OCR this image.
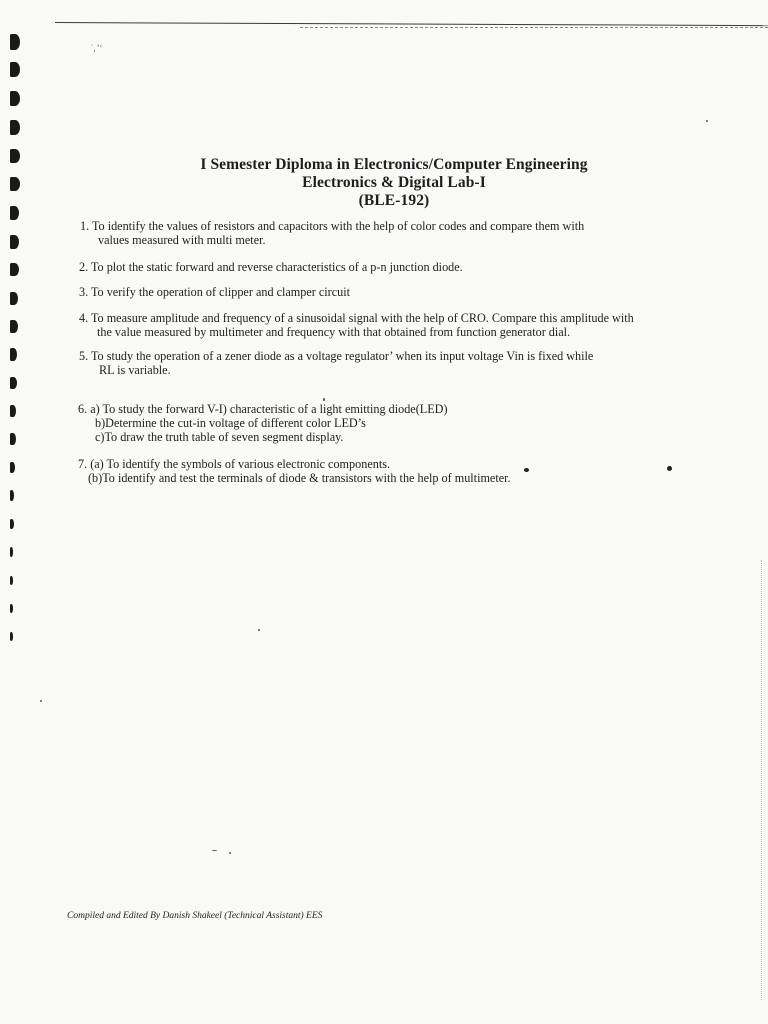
˙‚’‘
I Semester Diploma in Electronics/Computer Engineering
Electronics & Digital Lab-I
(BLE-192)
1. To identify the values of resistors and capacitors with the help of color codes and compare them with
values measured with multi meter.
2. To plot the static forward and reverse characteristics of a p-n junction diode.
3. To verify the operation of clipper and clamper circuit
4. To measure amplitude and frequency of a sinusoidal signal with the help of CRO. Compare this amplitude with
the value measured by multimeter and frequency with that obtained from function generator dial.
5. To study the operation of a zener diode as a voltage regulator’ when its input voltage Vin is fixed while
RL is variable.
6. a) To study the forward V-I) characteristic of a light emitting diode(LED)
b)Determine the cut-in voltage of different color LED’s
c)To draw the truth table of seven segment display.
7. (a) To identify the symbols of various electronic components.
(b)To identify and test the terminals of diode & transistors with the help of multimeter.
Compiled and Edited By Danish Shakeel (Technical Assistant) EES
